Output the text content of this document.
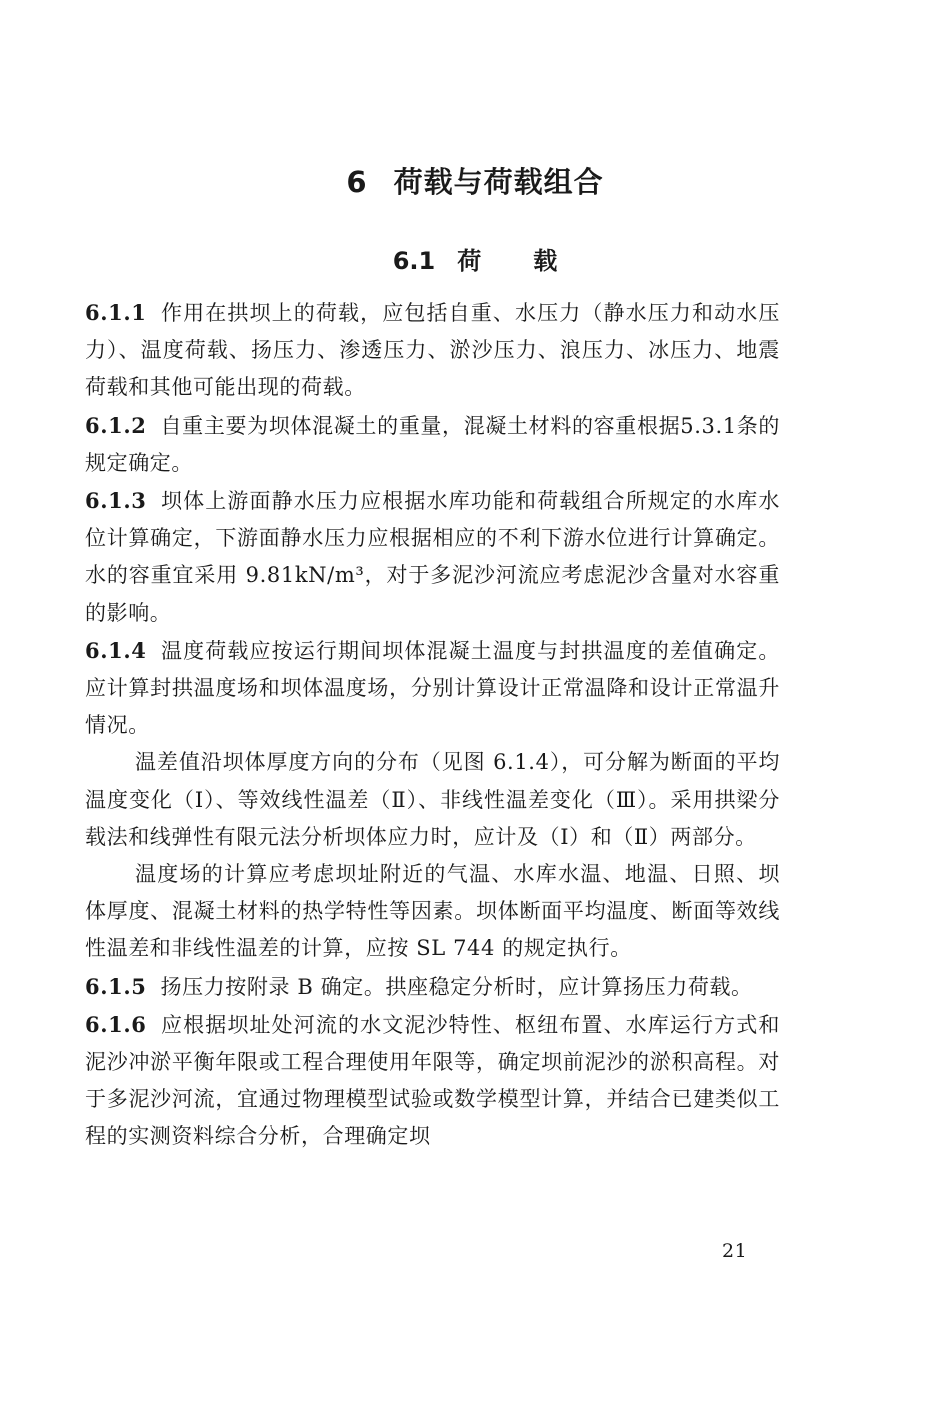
6 荷载与荷载组合
6.1 荷 载

6.1.1 作用在拱坝上的荷载，应包括自重、水压力（静水压力和动水压力）、温度荷载、扬压力、渗透压力、淤沙压力、浪压力、冰压力、地震荷载和其他可能出现的荷载。

6.1.2 自重主要为坝体混凝土的重量，混凝土材料的容重根据5.3.1条的规定确定。

6.1.3 坝体上游面静水压力应根据水库功能和荷载组合所规定的水库水位计算确定，下游面静水压力应根据相应的不利下游水位进行计算确定。水的容重宜采用 9.81kN/m³，对于多泥沙河流应考虑泥沙含量对水容重的影响。

6.1.4 温度荷载应按运行期间坝体混凝土温度与封拱温度的差值确定。应计算封拱温度场和坝体温度场，分别计算设计正常温降和设计正常温升情况。

温差值沿坝体厚度方向的分布（见图 6.1.4），可分解为断面的平均温度变化（Ⅰ）、等效线性温差（Ⅱ）、非线性温差变化（Ⅲ）。采用拱梁分载法和线弹性有限元法分析坝体应力时，应计及（Ⅰ）和（Ⅱ）两部分。

温度场的计算应考虑坝址附近的气温、水库水温、地温、日照、坝体厚度、混凝土材料的热学特性等因素。坝体断面平均温度、断面等效线性温差和非线性温差的计算，应按 SL 744 的规定执行。

6.1.5 扬压力按附录 B 确定。拱座稳定分析时，应计算扬压力荷载。

6.1.6 应根据坝址处河流的水文泥沙特性、枢纽布置、水库运行方式和泥沙冲淤平衡年限或工程合理使用年限等，确定坝前泥沙的淤积高程。对于多泥沙河流，宜通过物理模型试验或数学模型计算，并结合已建类似工程的实测资料综合分析，合理确定坝

21
